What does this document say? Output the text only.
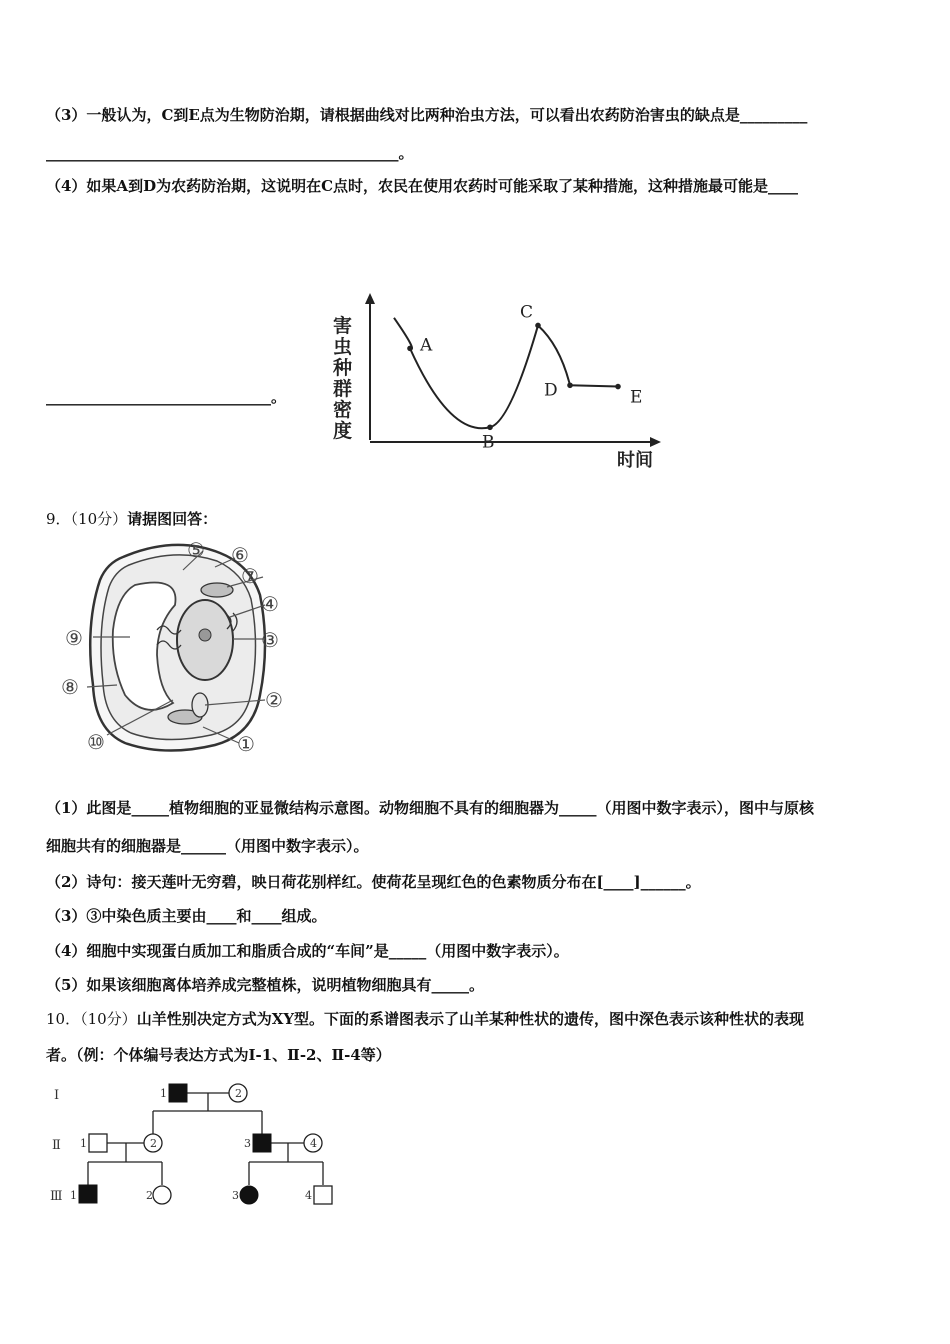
（3）一般认为，C到E点为生物防治期，请根据曲线对比两种治虫方法，可以看出农药防治害虫的缺点是_________
_______________________________________________。
（4）如果A到D为农药防治期，这说明在C点时，农民在使用农药时可能采取了某种措施，这种措施最可能是____
______________________________。
害
虫
种
群
密
度
时间
A
B
C
D	E
9．（10分）请据图回答：
⑤ ⑥
⑦
④
③
②
①
⑨
⑧
⑩
（1）此图是_____植物细胞的亚显微结构示意图。动物细胞不具有的细胞器为_____（用图中数字表示），图中与原核
细胞共有的细胞器是______（用图中数字表示）。
（2）诗句：接天莲叶无穷碧，映日荷花别样红。使荷花呈现红色的色素物质分布在[____]______。
（3）③中染色质主要由____和____组成。
（4）细胞中实现蛋白质加工和脂质合成的“车间”是_____（用图中数字表示）。
（5）如果该细胞离体培养成完整植株，说明植物细胞具有_____。
10．（10分）山羊性别决定方式为XY型。下面的系谱图表示了山羊某种性状的遗传，图中深色表示该种性状的表现
者。（例：个体编号表达方式为Ⅰ-1、Ⅱ-2、Ⅱ-4等）
Ⅰ
Ⅱ
Ⅲ
1	2
1	2	3	4
1	2	3	4
